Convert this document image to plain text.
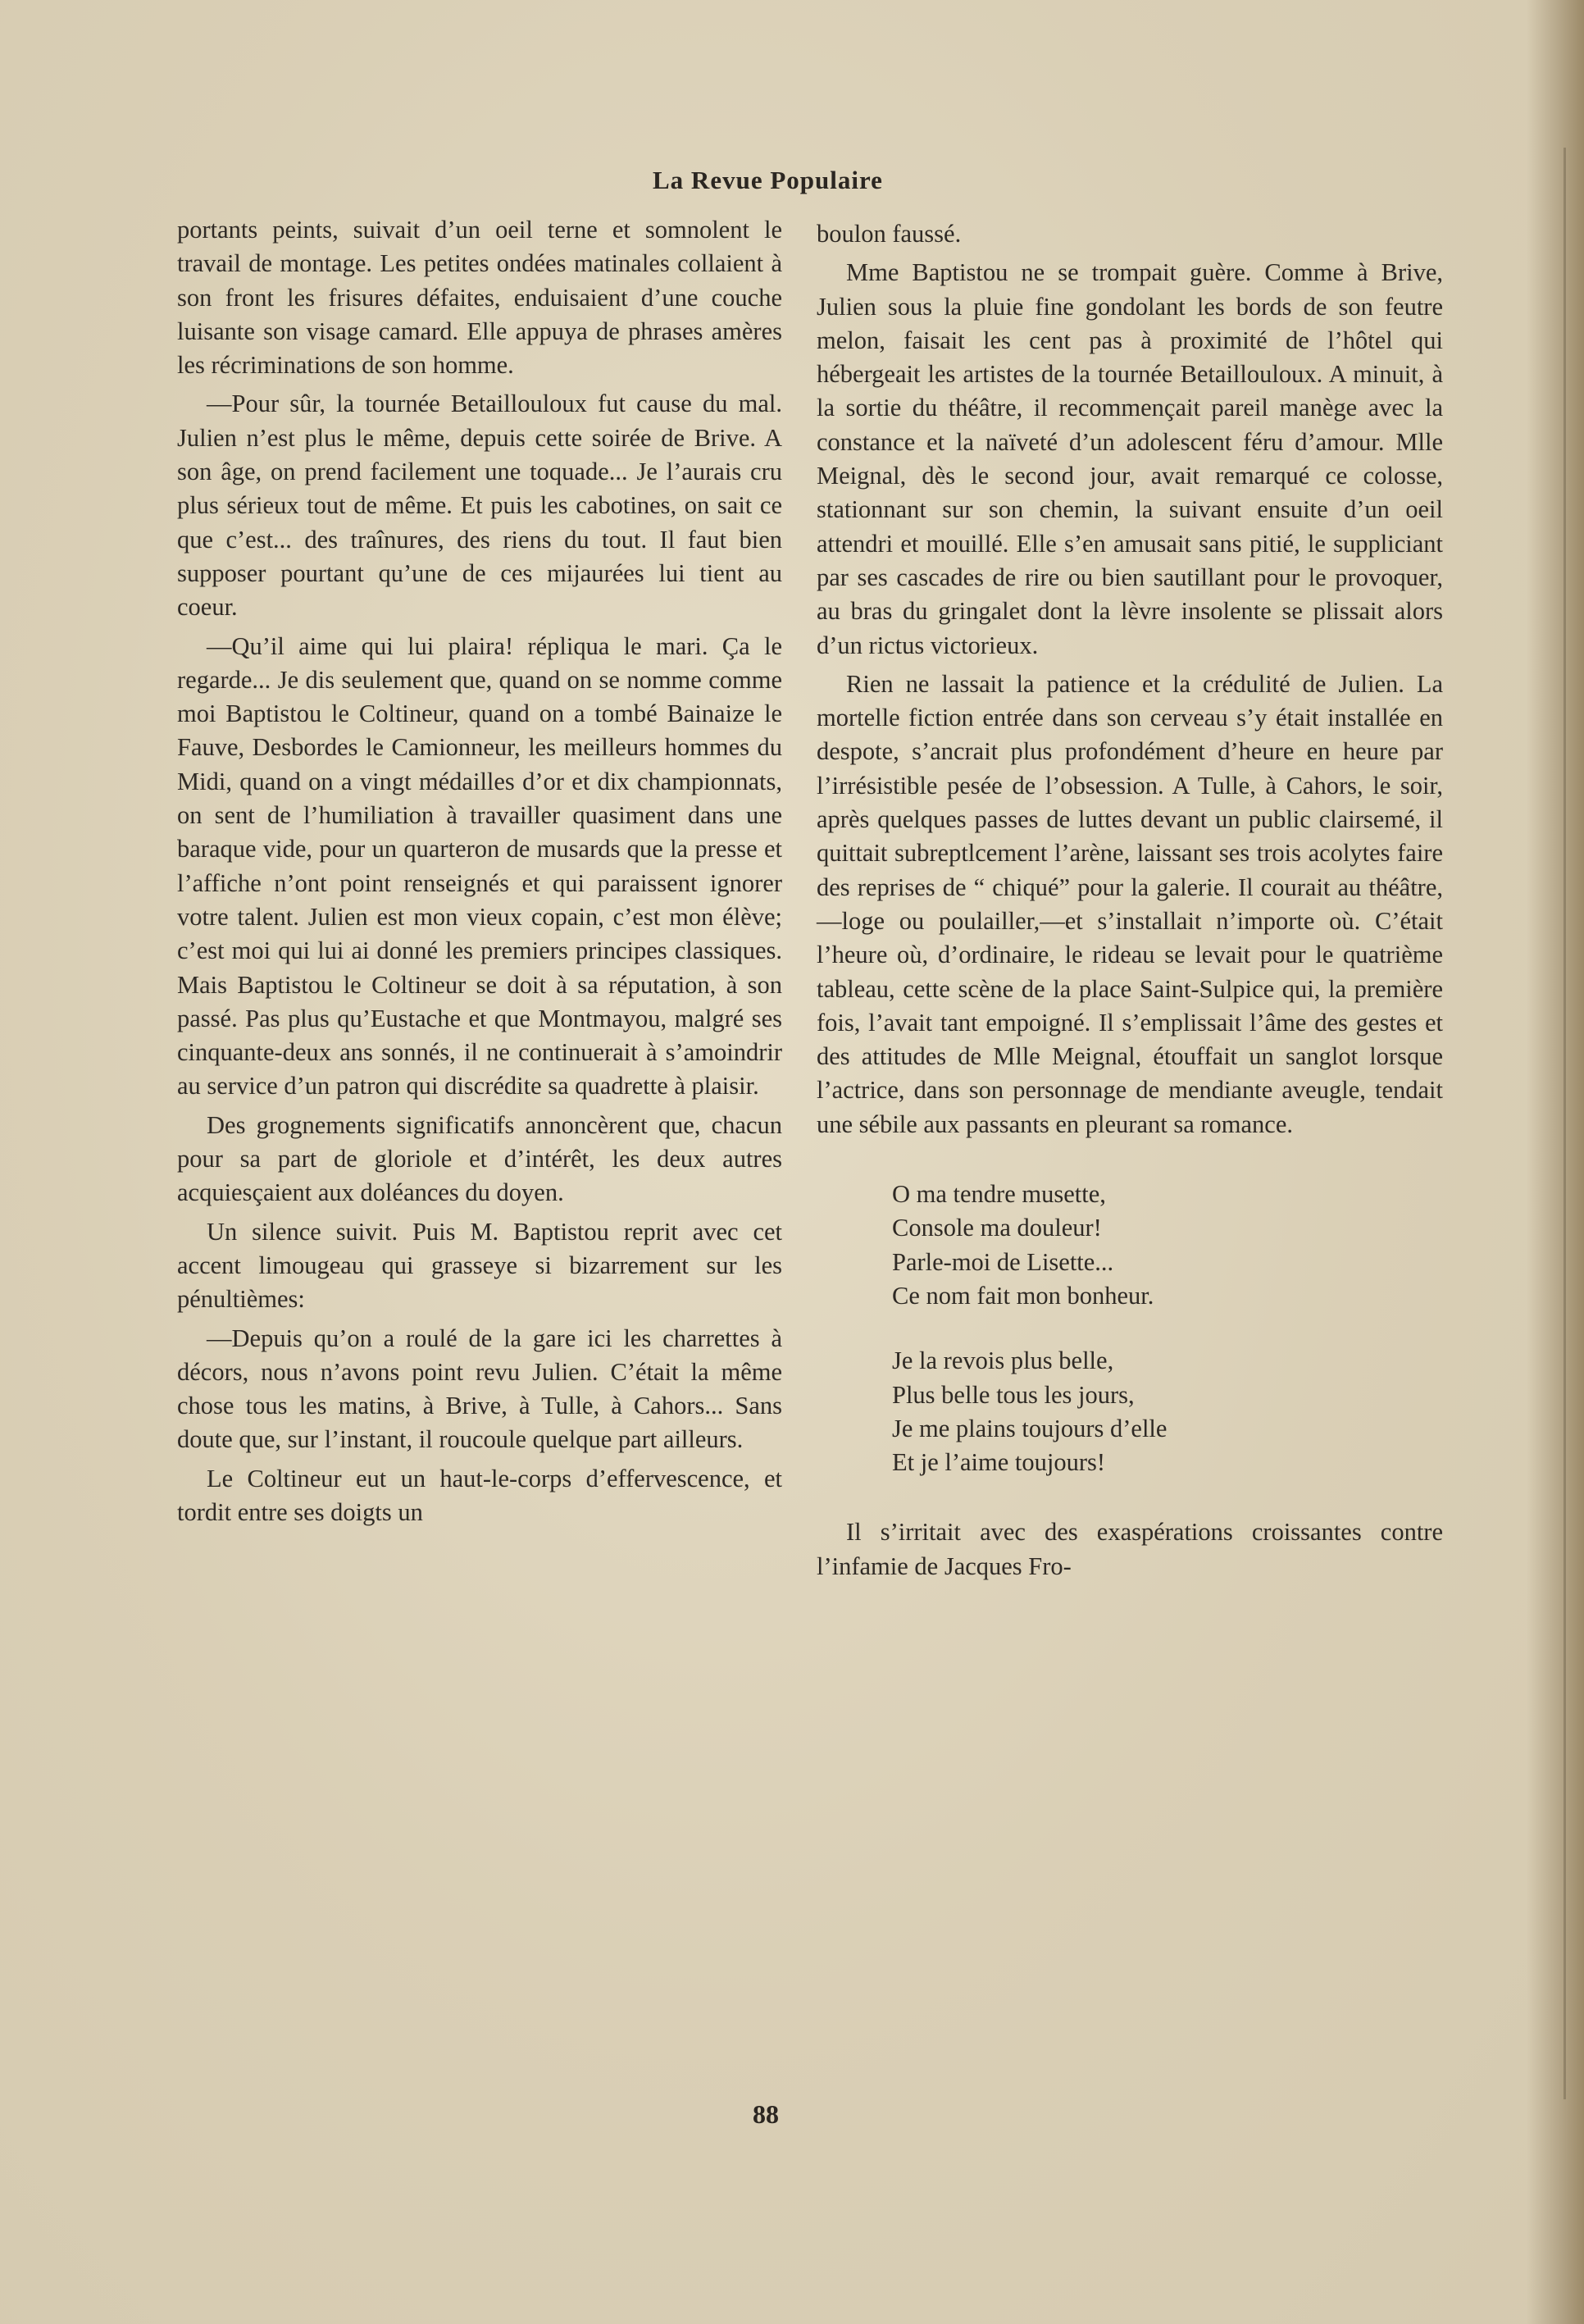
La Revue Populaire

portants peints, suivait d’un oeil terne et somnolent le travail de montage. Les petites ondées matinales collaient à son front les frisures défaites, enduisaient d’une couche luisante son visage camard. Elle appuya de phrases amères les récriminations de son homme.

—Pour sûr, la tournée Betaillouloux fut cause du mal. Julien n’est plus le même, depuis cette soirée de Brive. A son âge, on prend facilement une toquade... Je l’aurais cru plus sérieux tout de même. Et puis les cabotines, on sait ce que c’est... des traînures, des riens du tout. Il faut bien supposer pourtant qu’une de ces mijaurées lui tient au coeur.

—Qu’il aime qui lui plaira! répliqua le mari. Ça le regarde... Je dis seulement que, quand on se nomme comme moi Baptistou le Coltineur, quand on a tombé Bainaize le Fauve, Desbordes le Camionneur, les meilleurs hommes du Midi, quand on a vingt médailles d’or et dix championnats, on sent de l’humiliation à travailler quasiment dans une baraque vide, pour un quarteron de musards que la presse et l’affiche n’ont point renseignés et qui paraissent ignorer votre talent. Julien est mon vieux copain, c’est mon élève; c’est moi qui lui ai donné les premiers principes classiques. Mais Baptistou le Coltineur se doit à sa réputation, à son passé. Pas plus qu’Eustache et que Montmayou, malgré ses cinquante-deux ans sonnés, il ne continuerait à s’amoindrir au service d’un patron qui discrédite sa quadrette à plaisir.

Des grognements significatifs annoncèrent que, chacun pour sa part de gloriole et d’intérêt, les deux autres acquiesçaient aux doléances du doyen.

Un silence suivit. Puis M. Baptistou reprit avec cet accent limougeau qui grasseye si bizarrement sur les pénultièmes:

—Depuis qu’on a roulé de la gare ici les charrettes à décors, nous n’avons point revu Julien. C’était la même chose tous les matins, à Brive, à Tulle, à Cahors... Sans doute que, sur l’instant, il roucoule quelque part ailleurs.

Le Coltineur eut un haut-le-corps d’effervescence, et tordit entre ses doigts un

boulon faussé.

Mme Baptistou ne se trompait guère. Comme à Brive, Julien sous la pluie fine gondolant les bords de son feutre melon, faisait les cent pas à proximité de l’hôtel qui hébergeait les artistes de la tournée Betaillouloux. A minuit, à la sortie du théâtre, il recommençait pareil manège avec la constance et la naïveté d’un adolescent féru d’amour. Mlle Meignal, dès le second jour, avait remarqué ce colosse, stationnant sur son chemin, la suivant ensuite d’un oeil attendri et mouillé. Elle s’en amusait sans pitié, le suppliciant par ses cascades de rire ou bien sautillant pour le provoquer, au bras du gringalet dont la lèvre insolente se plissait alors d’un rictus victorieux.

Rien ne lassait la patience et la crédulité de Julien. La mortelle fiction entrée dans son cerveau s’y était installée en despote, s’ancrait plus profondément d’heure en heure par l’irrésistible pesée de l’obsession. A Tulle, à Cahors, le soir, après quelques passes de luttes devant un public clairsemé, il quittait subreptlcement l’arène, laissant ses trois acolytes faire des reprises de “ chiqué” pour la galerie. Il courait au théâtre,—loge ou poulailler,—et s’installait n’importe où. C’était l’heure où, d’ordinaire, le rideau se levait pour le quatrième tableau, cette scène de la place Saint-Sulpice qui, la première fois, l’avait tant empoigné. Il s’emplissait l’âme des gestes et des attitudes de Mlle Meignal, étouffait un sanglot lorsque l’actrice, dans son personnage de mendiante aveugle, tendait une sébile aux passants en pleurant sa romance.

O ma tendre musette,
Console ma douleur!
Parle-moi de Lisette...
Ce nom fait mon bonheur.
Je la revois plus belle,
Plus belle tous les jours,
Je me plains toujours d’elle
Et je l’aime toujours!

Il s’irritait avec des exaspérations croissantes contre l’infamie de Jacques Fro-

88
